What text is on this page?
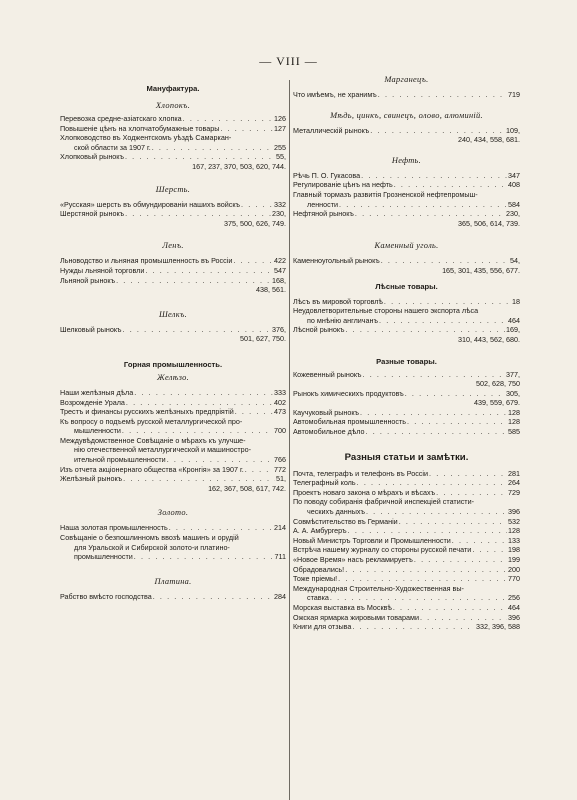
— VIII —
Мануфактура.
Хлопокъ.
Перевозка средне-азіатскаго хлопка . . .	126
Повышеніе цѣнъ на хлопчатобумажные товары . . .	127
Хлопководство въ Ходжентскомъ уѣздѣ Самаркан-
ской области за 1907 г. . . .	255
Хлопковый рынокъ . . .	55,
167, 237, 370, 503, 620, 744.
Шерсть.
«Русская» шерсть въ обмундированіи нашихъ войскъ . . .	332
Шерстяной рынокъ . . .	230,
375, 500, 626, 749.
Ленъ.
Льноводство и льняная промышленность въ Россіи . . .	422
Нужды льняной торговли . . .	547
Льняной рынокъ . . .	168,
438, 561.
Шелкъ.
Шелковый рынокъ . . .	376,
501, 627, 750.
Горная промышленность.
Желѣзо.
Наши желѣзныя дѣла . . .	333
Возрожденіе Урала . . .	402
Трестъ и финансы русскихъ желѣзныхъ предпріятій . . .	473
Къ вопросу о подъемѣ русской металлургической про-
мышленности . . .	700
Междувѣдомственное Совѣщаніе о мѣрахъ къ улучше-
нію отечественной металлургической и машиностро-
ительной промышленности . . .	766
Изъ отчета акціонернаго общества «Кронгія» за 1907 г. . . .	772
Желѣзный рынокъ . . .	51,
162, 367, 508, 617, 742.
Золото.
Наша золотая промышленность . . .	214
Совѣщаніе о безпошлинномъ ввозѣ машинъ и орудій
для Уральской и Сибирской золото-и платино-
промышленности . . .	711
Платина.
Рабство вмѣсто господства . . .	284
Марганецъ.
Что имѣемъ, не хранимъ . . .	719
Мѣдь, цинкъ, свинецъ, олово, алюминій.
Металлическій рынокъ . . .	109,
240, 434, 558, 681.
Нефть.
Рѣчь П. О. Гукасова . . .	347
Регулированіе цѣнъ на нефть . . .	408
Главный тормазъ развитія Грозненской нефтепромыш-
ленности . . .	584
Нефтяной рынокъ . . .	230,
365, 506, 614, 739.
Каменный уголь.
Каменноугольный рынокъ . . .	54,
165, 301, 435, 556, 677.
Лѣсные товары.
Лѣсъ въ мировой торговлѣ . . .	18
Неудовлетворительные стороны нашего экспорта лѣса
по мнѣнію англичанъ . . .	464
Лѣсной рынокъ . . .	169,
310, 443, 562, 680.
Разные товары.
Кожевенный рынокъ . . .	377,
502, 628, 750
Рынокъ химическихъ продуктовъ . . .	305,
439, 559, 679.
Каучуковый рынокъ . . .	128
Автомобильная промышленность . . .	128
Автомобильное дѣло . . .	585
Разныя статьи и замѣтки.
Почта, телеграфъ и телефонъ въ Россіи . . .	281
Телеграфный коль . . .	264
Проектъ новаго закона о мѣрахъ и вѣсахъ . . .	729
По поводу собиранія фабричной инспекціей статисти-
ческихъ данныхъ . . .	396
Совмѣстительство въ Германіи . . .	532
А. А. Амбургеръ . . .	128
Новый Министръ Торговли и Промышленности . . .	133
Встрѣча нашему журналу со стороны русской печати . . .	198
«Новое Время» насъ рекламируетъ . . .	199
Обрадовались! . . .	200
Тоже пріемы! . . .	770
Международная Строительно-Художественная вы-
ставка . . .	256
Морская выставка въ Москвѣ . . .	464
Ожская ярмарка жировыми товарами . . .	396
Книги для отзыва . . .	332, 396, 588
